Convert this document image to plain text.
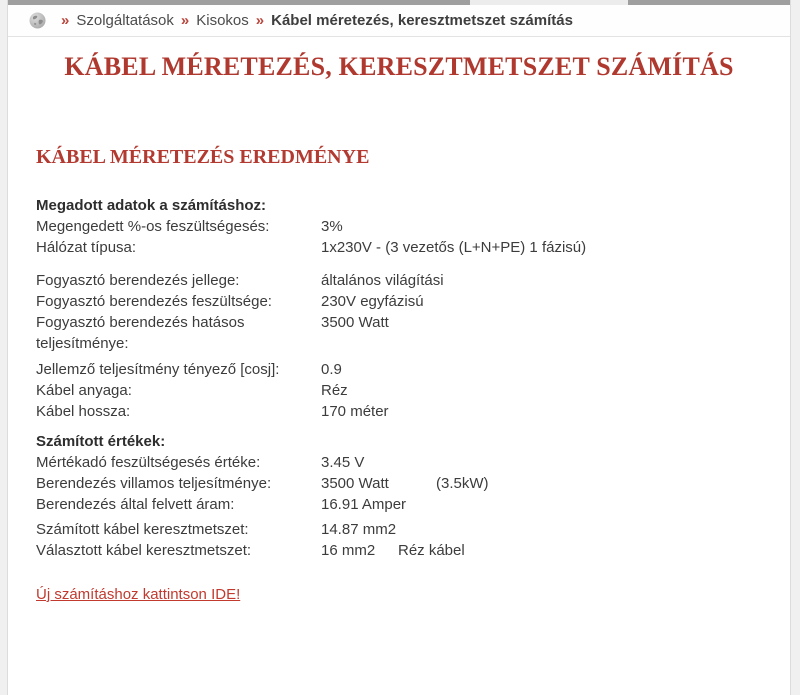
» Szolgáltatások » Kisokos » Kábel méretezés, keresztmetszet számítás
KÁBEL MÉRETEZÉS, KERESZTMETSZET SZÁMÍTÁS
KÁBEL MÉRETEZÉS EREDMÉNYE
Megadott adatok a számításhoz:
Megengedett %-os feszültségesés:	3%
Hálózat típusa:	1x230V - (3 vezetős (L+N+PE) 1 fázisú)
Fogyasztó berendezés jellege:	általános világítási
Fogyasztó berendezés feszültsége:	230V egyfázisú
Fogyasztó berendezés hatásos teljesítménye:
3500 Watt
Jellemző teljesítmény tényező [cosj]:	0.9
Kábel anyaga:	Réz
Kábel hossza:	170 méter
Számított értékek:
Mértékadó feszültségesés értéke:	3.45 V
Berendezés villamos teljesítménye:	3500 Watt	(3.5kW)
Berendezés által felvett áram:	16.91 Amper
Számított kábel keresztmetszet:	14.87 mm2
Választott kábel keresztmetszet:	16 mm2 Réz kábel
Új számításhoz kattintson IDE!
